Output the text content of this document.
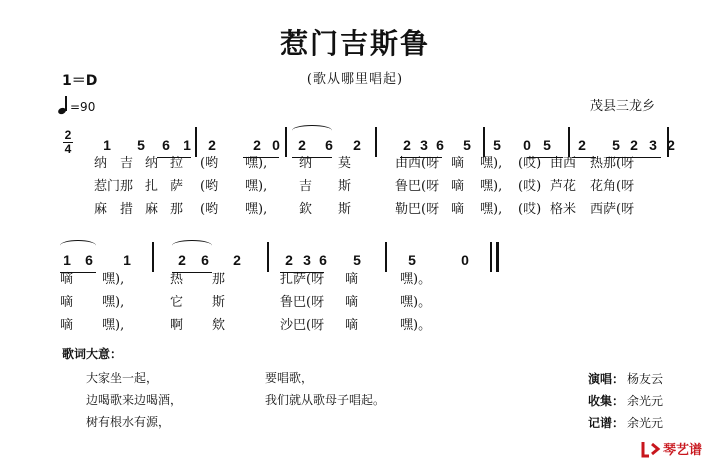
惹门吉斯鲁
(歌从哪里唱起)
1＝D
=90	茂县三龙乡
2
4 1 5 6 1 2	2 0 2 6 2	2 3 6 5 5 0 5 2 5 2 3 2
纳 吉 纳 拉 (哟 嘿), 纳 莫	由西(呀 嘀 嘿), (哎) 由西 热那(呀
惹门 那 扎 萨 (哟 嘿), 吉 斯	鲁巴(呀 嘀 嘿), (哎) 芦花 花角(呀
麻 措 麻 那 (哟 嘿), 欽 斯	勒巴(呀 嘀 嘿), (哎) 格米 西萨(呀
1 6 1	2 6 2	2 3 6 5	5	0
嘀 嘿),	热 那	扎萨(呀 嘀	嘿)。
嘀 嘿),	它 斯	鲁巴(呀 嘀	嘿)。
嘀 嘿),	啊 欸	沙巴(呀 嘀	嘿)。
歌词大意：
大家坐一起，	要唱歌，
边喝歌来边喝酒，	我们就从歌母子唱起。
树有根水有源，
演唱： 杨友云
收集： 余光元
记谱： 余光元
琴艺谱
